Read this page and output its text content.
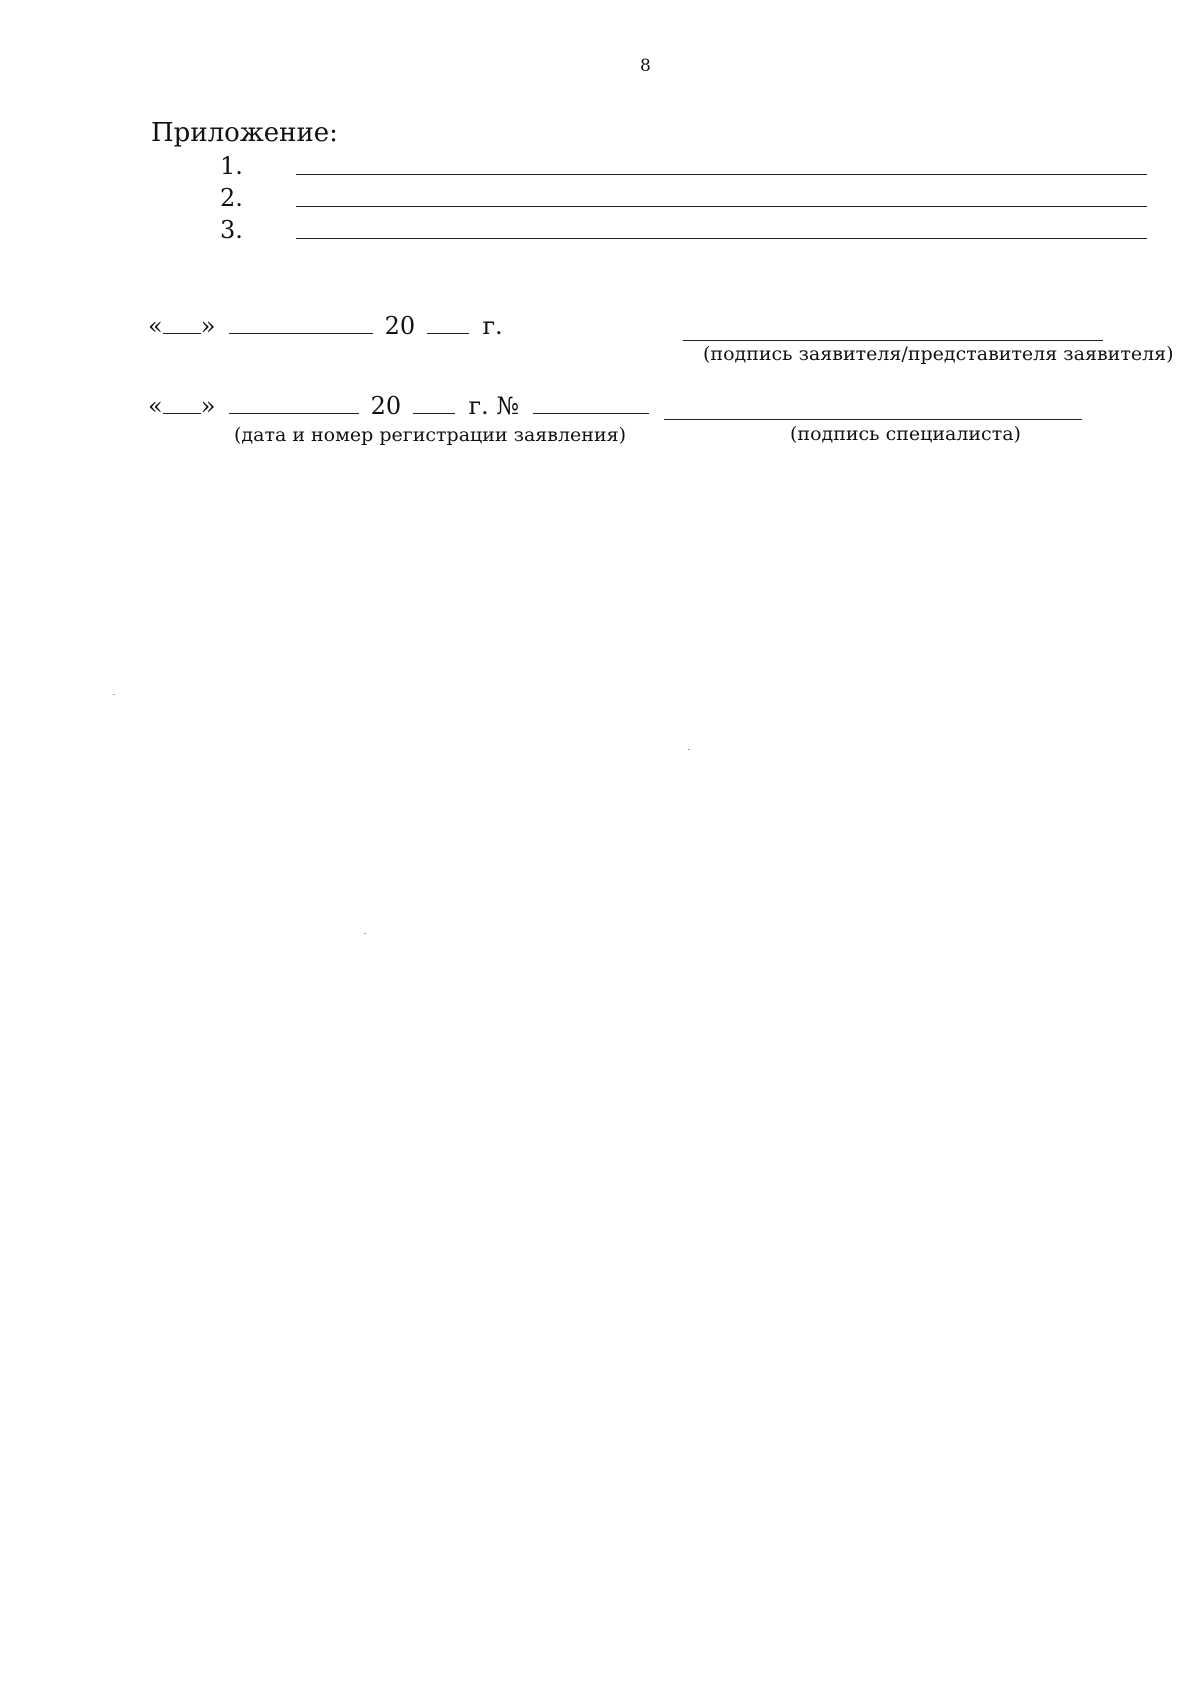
8
Приложение:
1.
2.
3.
« »	20	г.
(подпись заявителя/представителя заявителя)
« »	20	г. №
(дата и номер регистрации заявления)	(подпись специалиста)
